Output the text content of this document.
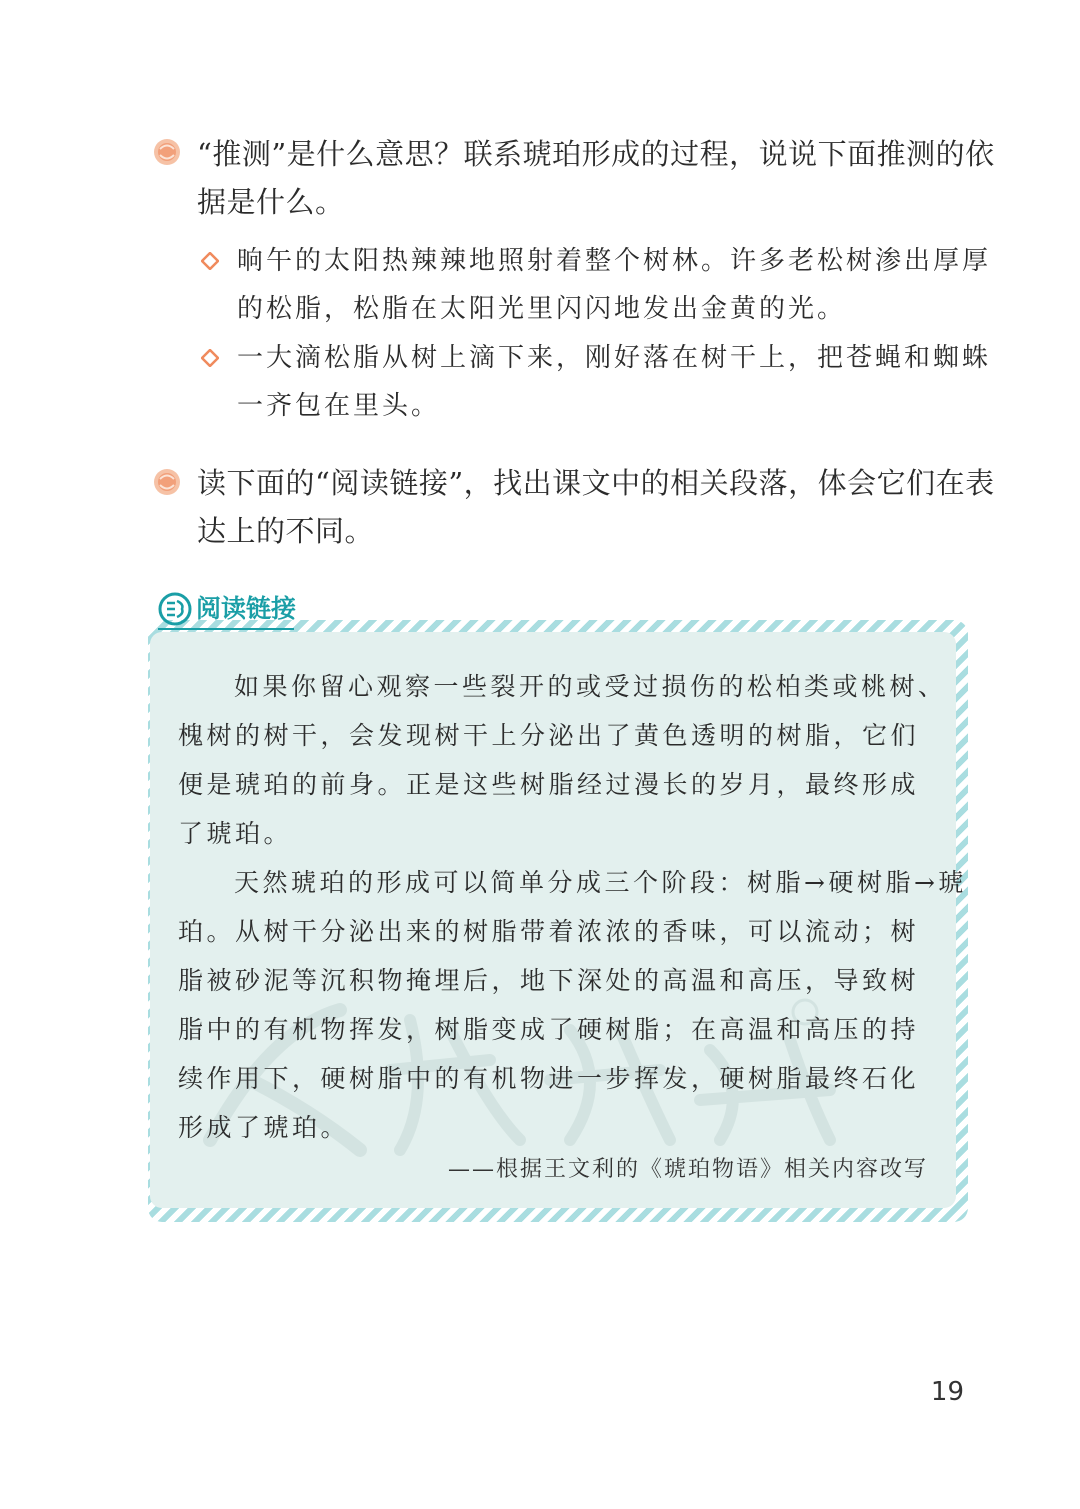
“推测”是什么意思？联系琥珀形成的过程，说说下面推测的依
据是什么。
晌午的太阳热辣辣地照射着整个树林。许多老松树渗出厚厚
的松脂，松脂在太阳光里闪闪地发出金黄的光。
一大滴松脂从树上滴下来，刚好落在树干上，把苍蝇和蜘蛛
一齐包在里头。
读下面的“阅读链接”，找出课文中的相关段落，体会它们在表
达上的不同。
阅读链接
如果你留心观察一些裂开的或受过损伤的松柏类或桃树、
槐树的树干，会发现树干上分泌出了黄色透明的树脂，它们
便是琥珀的前身。正是这些树脂经过漫长的岁月，最终形成
了琥珀。
天然琥珀的形成可以简单分成三个阶段：树脂→硬树脂→琥
珀。从树干分泌出来的树脂带着浓浓的香味，可以流动；树
脂被砂泥等沉积物掩埋后，地下深处的高温和高压，导致树
脂中的有机物挥发，树脂变成了硬树脂；在高温和高压的持
续作用下，硬树脂中的有机物进一步挥发，硬树脂最终石化
形成了琥珀。
——根据王文利的《琥珀物语》相关内容改写
19
